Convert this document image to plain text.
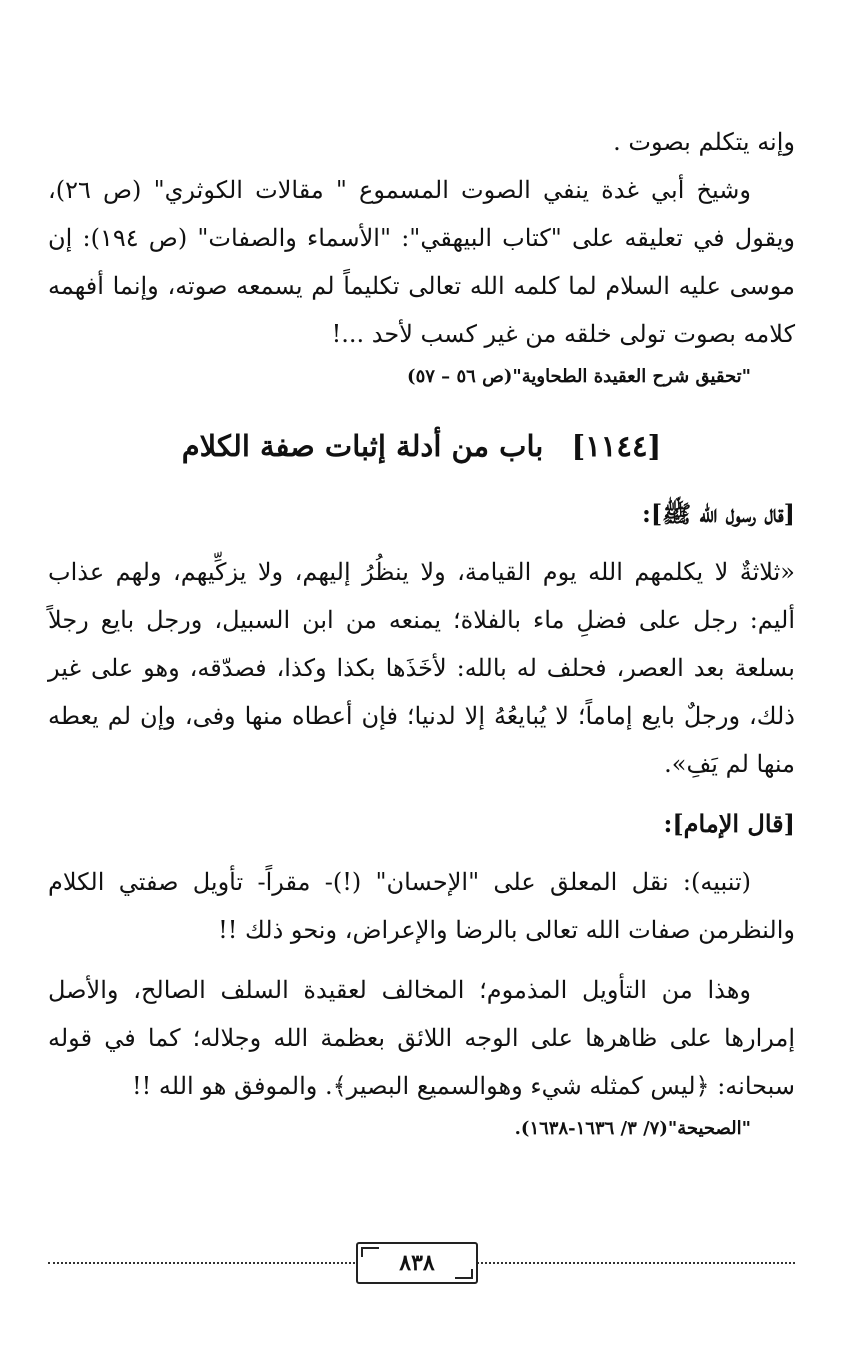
وإنه يتكلم بصوت .

وشيخ أبي غدة ينفي الصوت المسموع " مقالات الكوثري" (ص ٢٦)، ويقول في تعليقه على "كتاب البيهقي": "الأسماء والصفات" (ص ١٩٤): إن موسى عليه السلام لما كلمه الله تعالى تكليماً لم يسمعه صوته، وإنما أفهمه كلامه بصوت تولى خلقه من غير كسب لأحد ...!

"تحقيق شرح العقيدة الطحاوية"(ص ٥٦ – ٥٧)
[١١٤٤] باب من أدلة إثبات صفة الكلام
[قال رسول الله ﷺ]:

«ثلاثةٌ لا يكلمهم الله يوم القيامة، ولا ينظُرُ إليهم، ولا يزكِّيهم، ولهم عذاب أليم: رجل على فضلِ ماء بالفلاة؛ يمنعه من ابن السبيل، ورجل بايع رجلاً بسلعة بعد العصر، فحلف له بالله: لأخَذَها بكذا وكذا، فصدّقه، وهو على غير ذلك، ورجلٌ بايع إماماً؛ لا يُبايعُهُ إلا لدنيا؛ فإن أعطاه منها وفى، وإن لم يعطه منها لم يَفِ».

[قال الإمام]:

(تنبيه): نقل المعلق على "الإحسان" (!)- مقراً- تأويل صفتي الكلام والنظرمن صفات الله تعالى بالرضا والإعراض، ونحو ذلك !!

وهذا من التأويل المذموم؛ المخالف لعقيدة السلف الصالح، والأصل إمرارها على ظاهرها على الوجه اللائق بعظمة الله وجلاله؛ كما في قوله سبحانه: ﴿ليس كمثله شيء وهوالسميع البصير﴾. والموفق هو الله !!

"الصحيحة"(٧/ ٣/ ١٦٣٦-١٦٣٨).
٨٣٨
